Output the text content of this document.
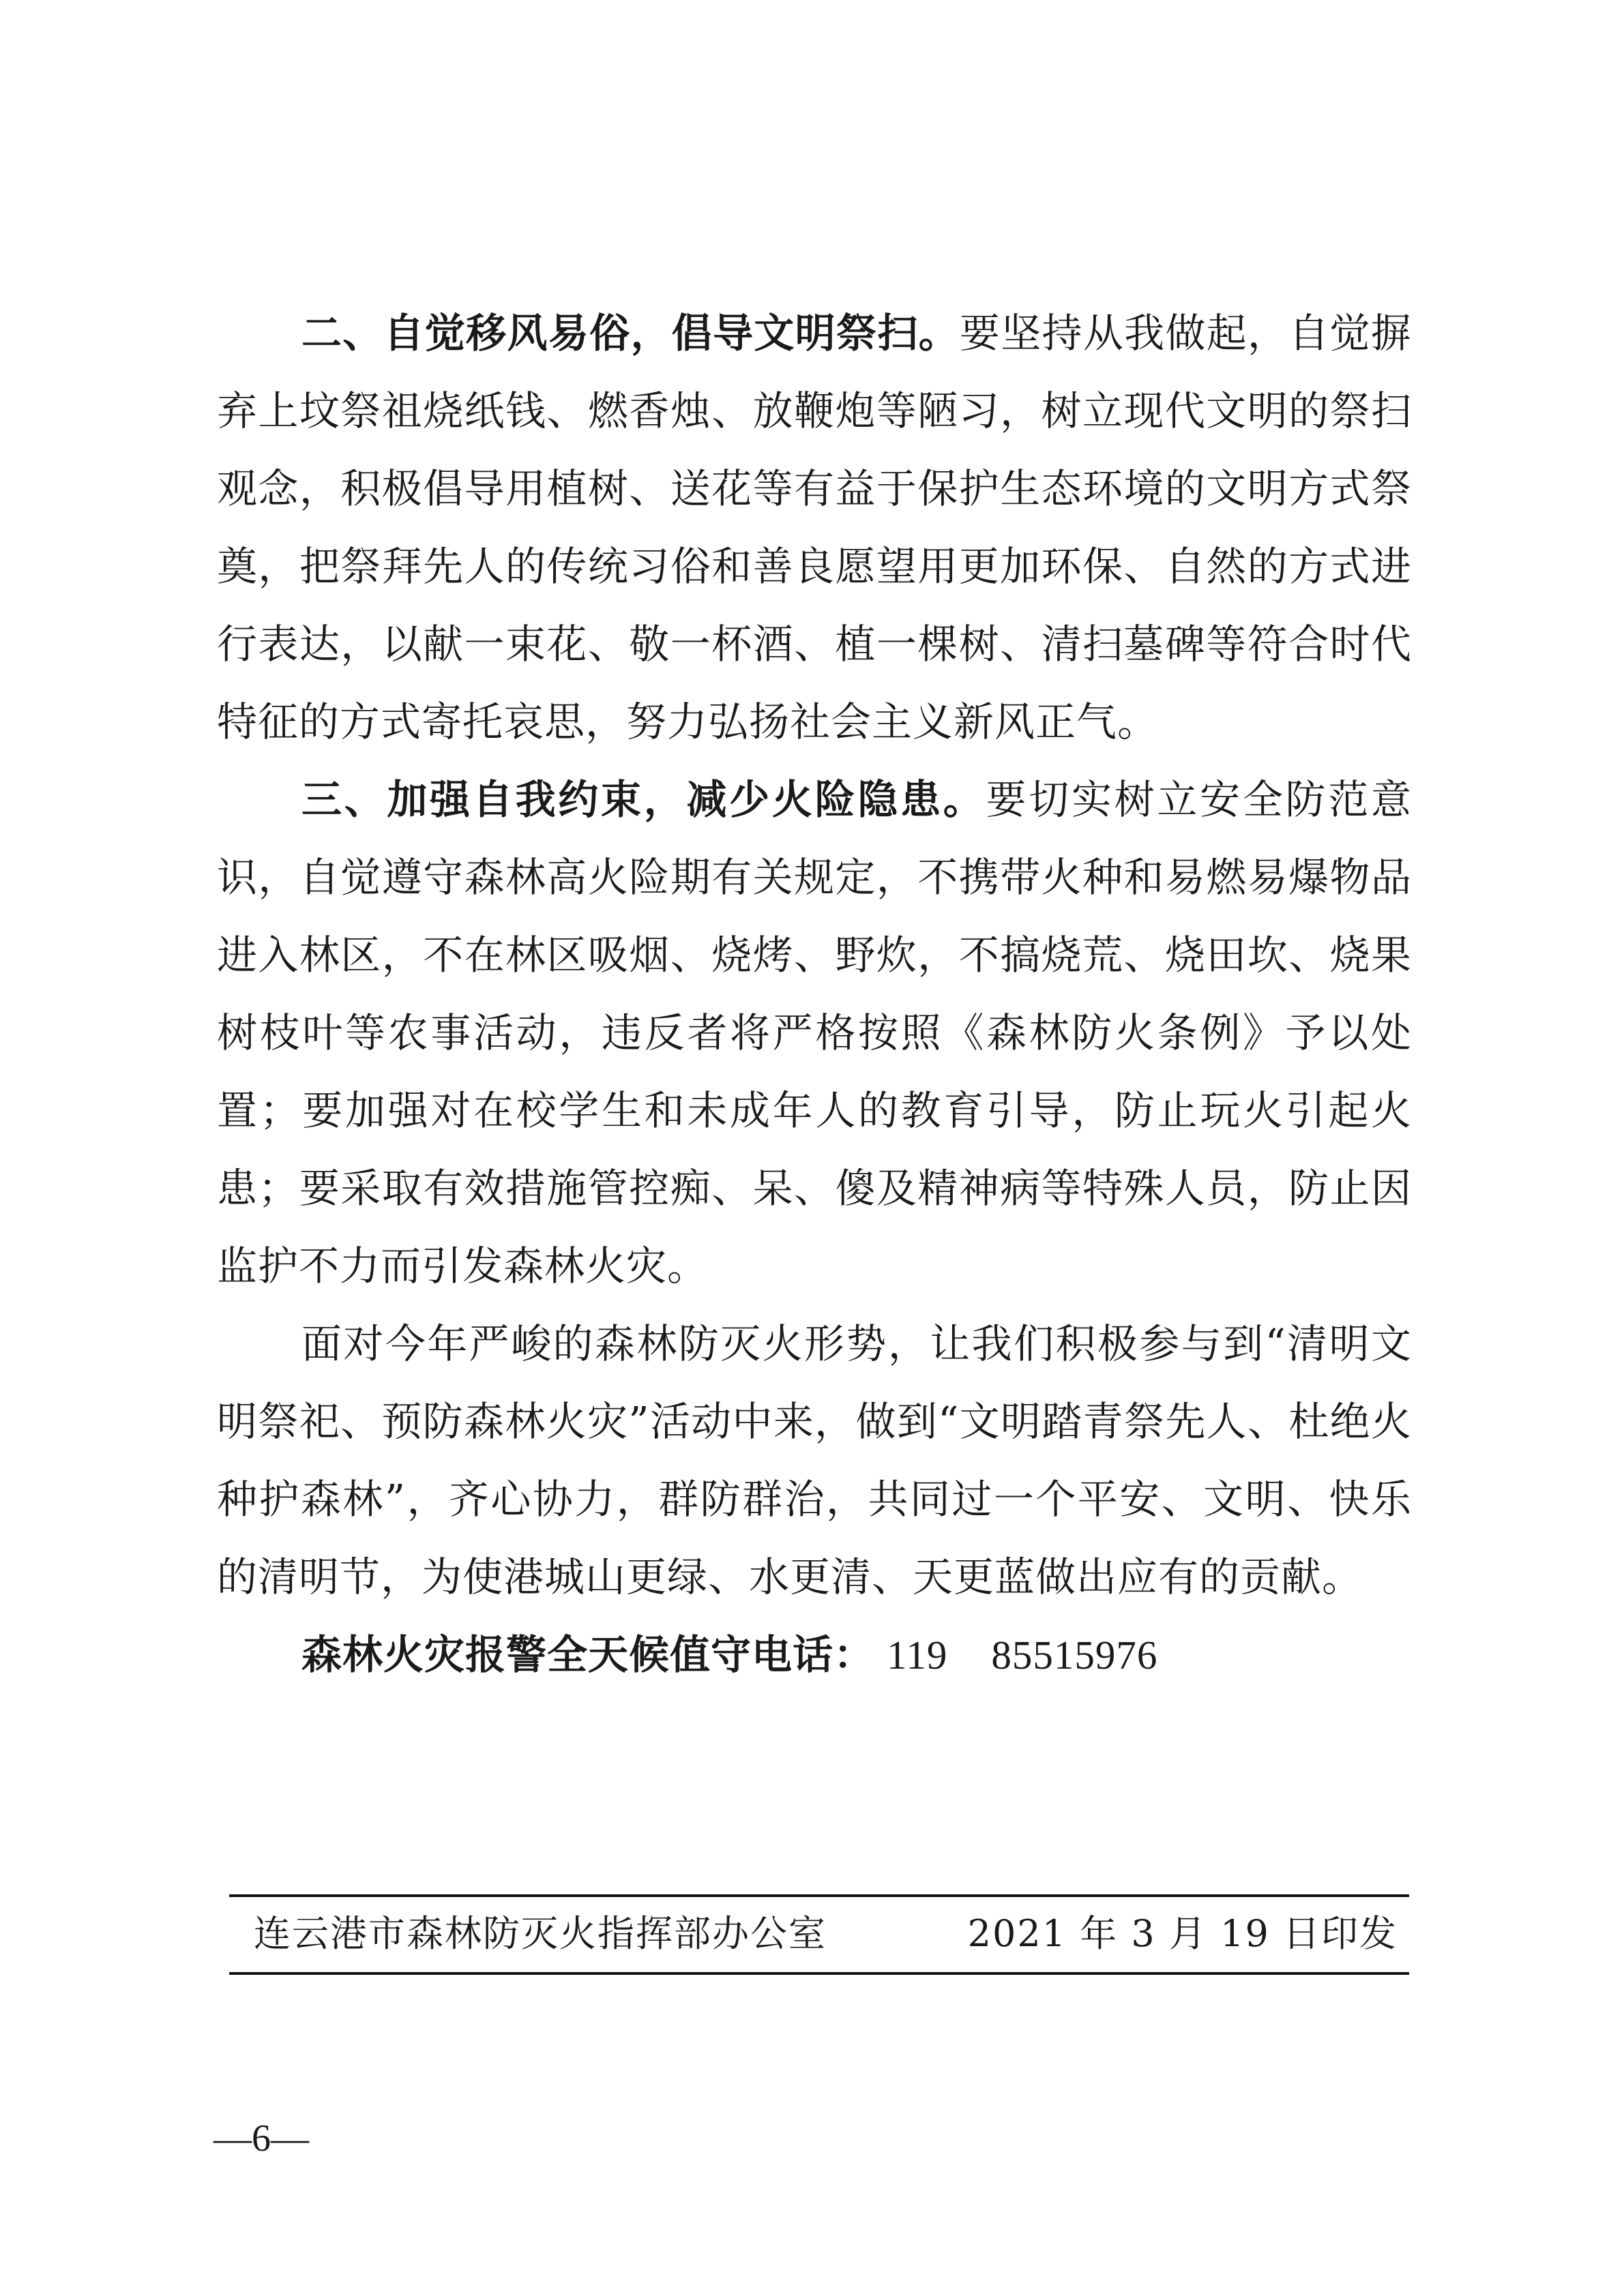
二、自觉移风易俗，倡导文明祭扫。要坚持从我做起，自觉摒弃上坟祭祖烧纸钱、燃香烛、放鞭炮等陋习，树立现代文明的祭扫观念，积极倡导用植树、送花等有益于保护生态环境的文明方式祭奠，把祭拜先人的传统习俗和善良愿望用更加环保、自然的方式进行表达，以献一束花、敬一杯酒、植一棵树、清扫墓碑等符合时代特征的方式寄托哀思，努力弘扬社会主义新风正气。

三、加强自我约束，减少火险隐患。要切实树立安全防范意识，自觉遵守森林高火险期有关规定，不携带火种和易燃易爆物品进入林区，不在林区吸烟、烧烤、野炊，不搞烧荒、烧田坎、烧果树枝叶等农事活动，违反者将严格按照《森林防火条例》予以处置；要加强对在校学生和未成年人的教育引导，防止玩火引起火患；要采取有效措施管控痴、呆、傻及精神病等特殊人员，防止因监护不力而引发森林火灾。

面对今年严峻的森林防灭火形势，让我们积极参与到“清明文明祭祀、预防森林火灾”活动中来，做到“文明踏青祭先人、杜绝火种护森林”，齐心协力，群防群治，共同过一个平安、文明、快乐的清明节，为使港城山更绿、水更清、天更蓝做出应有的贡献。

森林火灾报警全天候值守电话： 119 85515976

连云港市森林防灭火指挥部办公室	2021 年 3 月 19 日印发
—6—
